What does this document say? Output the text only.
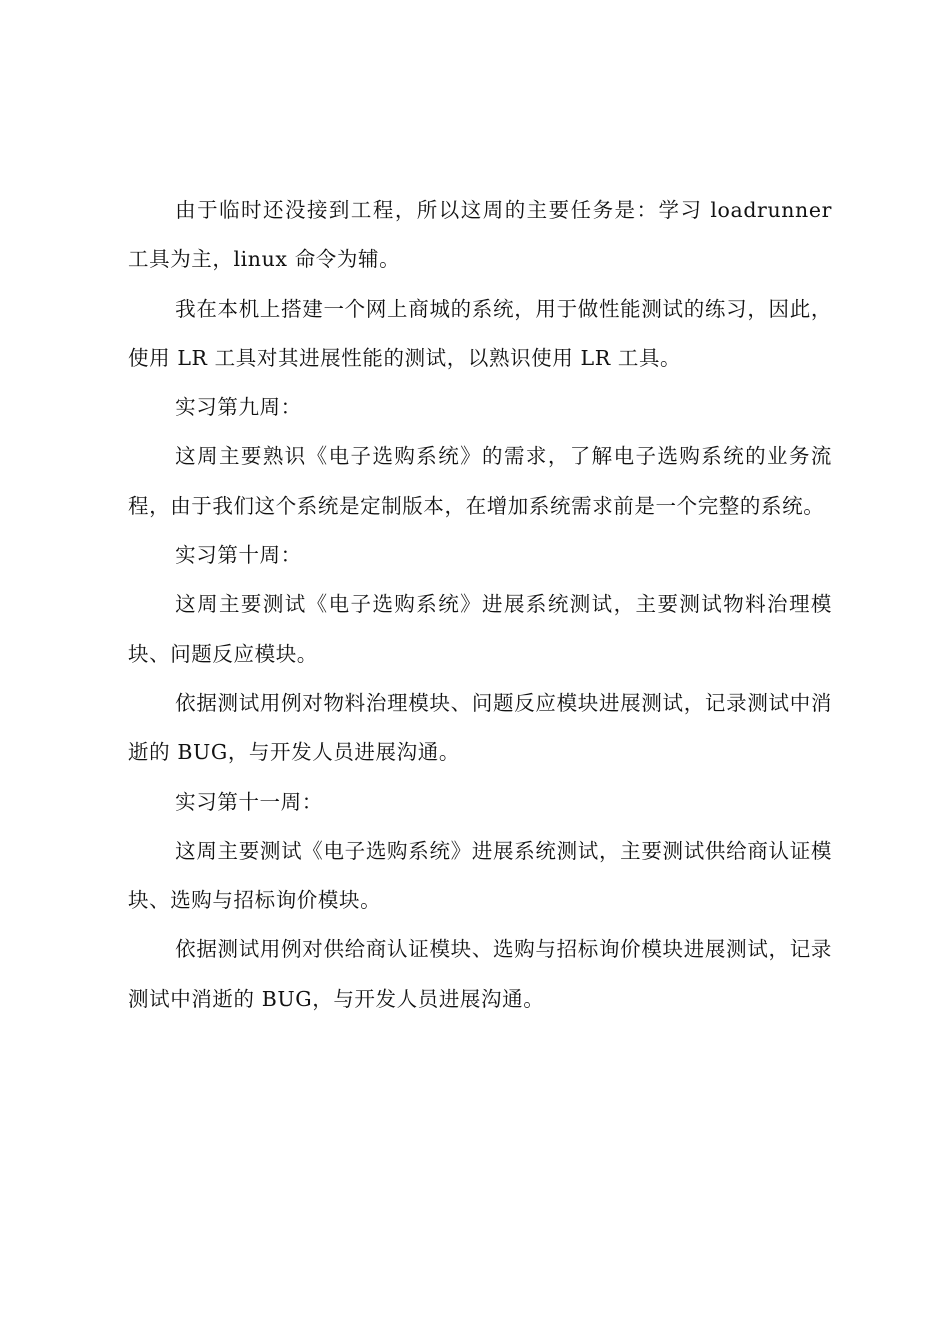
由于临时还没接到工程，所以这周的主要任务是：学习 loadrunner 工具为主，linux 命令为辅。

我在本机上搭建一个网上商城的系统，用于做性能测试的练习，因此，使用 LR 工具对其进展性能的测试，以熟识使用 LR 工具。

实习第九周：

这周主要熟识《电子选购系统》的需求，了解电子选购系统的业务流程，由于我们这个系统是定制版本，在增加系统需求前是一个完整的系统。

实习第十周：

这周主要测试《电子选购系统》进展系统测试，主要测试物料治理模块、问题反应模块。

依据测试用例对物料治理模块、问题反应模块进展测试，记录测试中消逝的 BUG，与开发人员进展沟通。

实习第十一周：

这周主要测试《电子选购系统》进展系统测试，主要测试供给商认证模块、选购与招标询价模块。

依据测试用例对供给商认证模块、选购与招标询价模块进展测试，记录测试中消逝的 BUG，与开发人员进展沟通。
